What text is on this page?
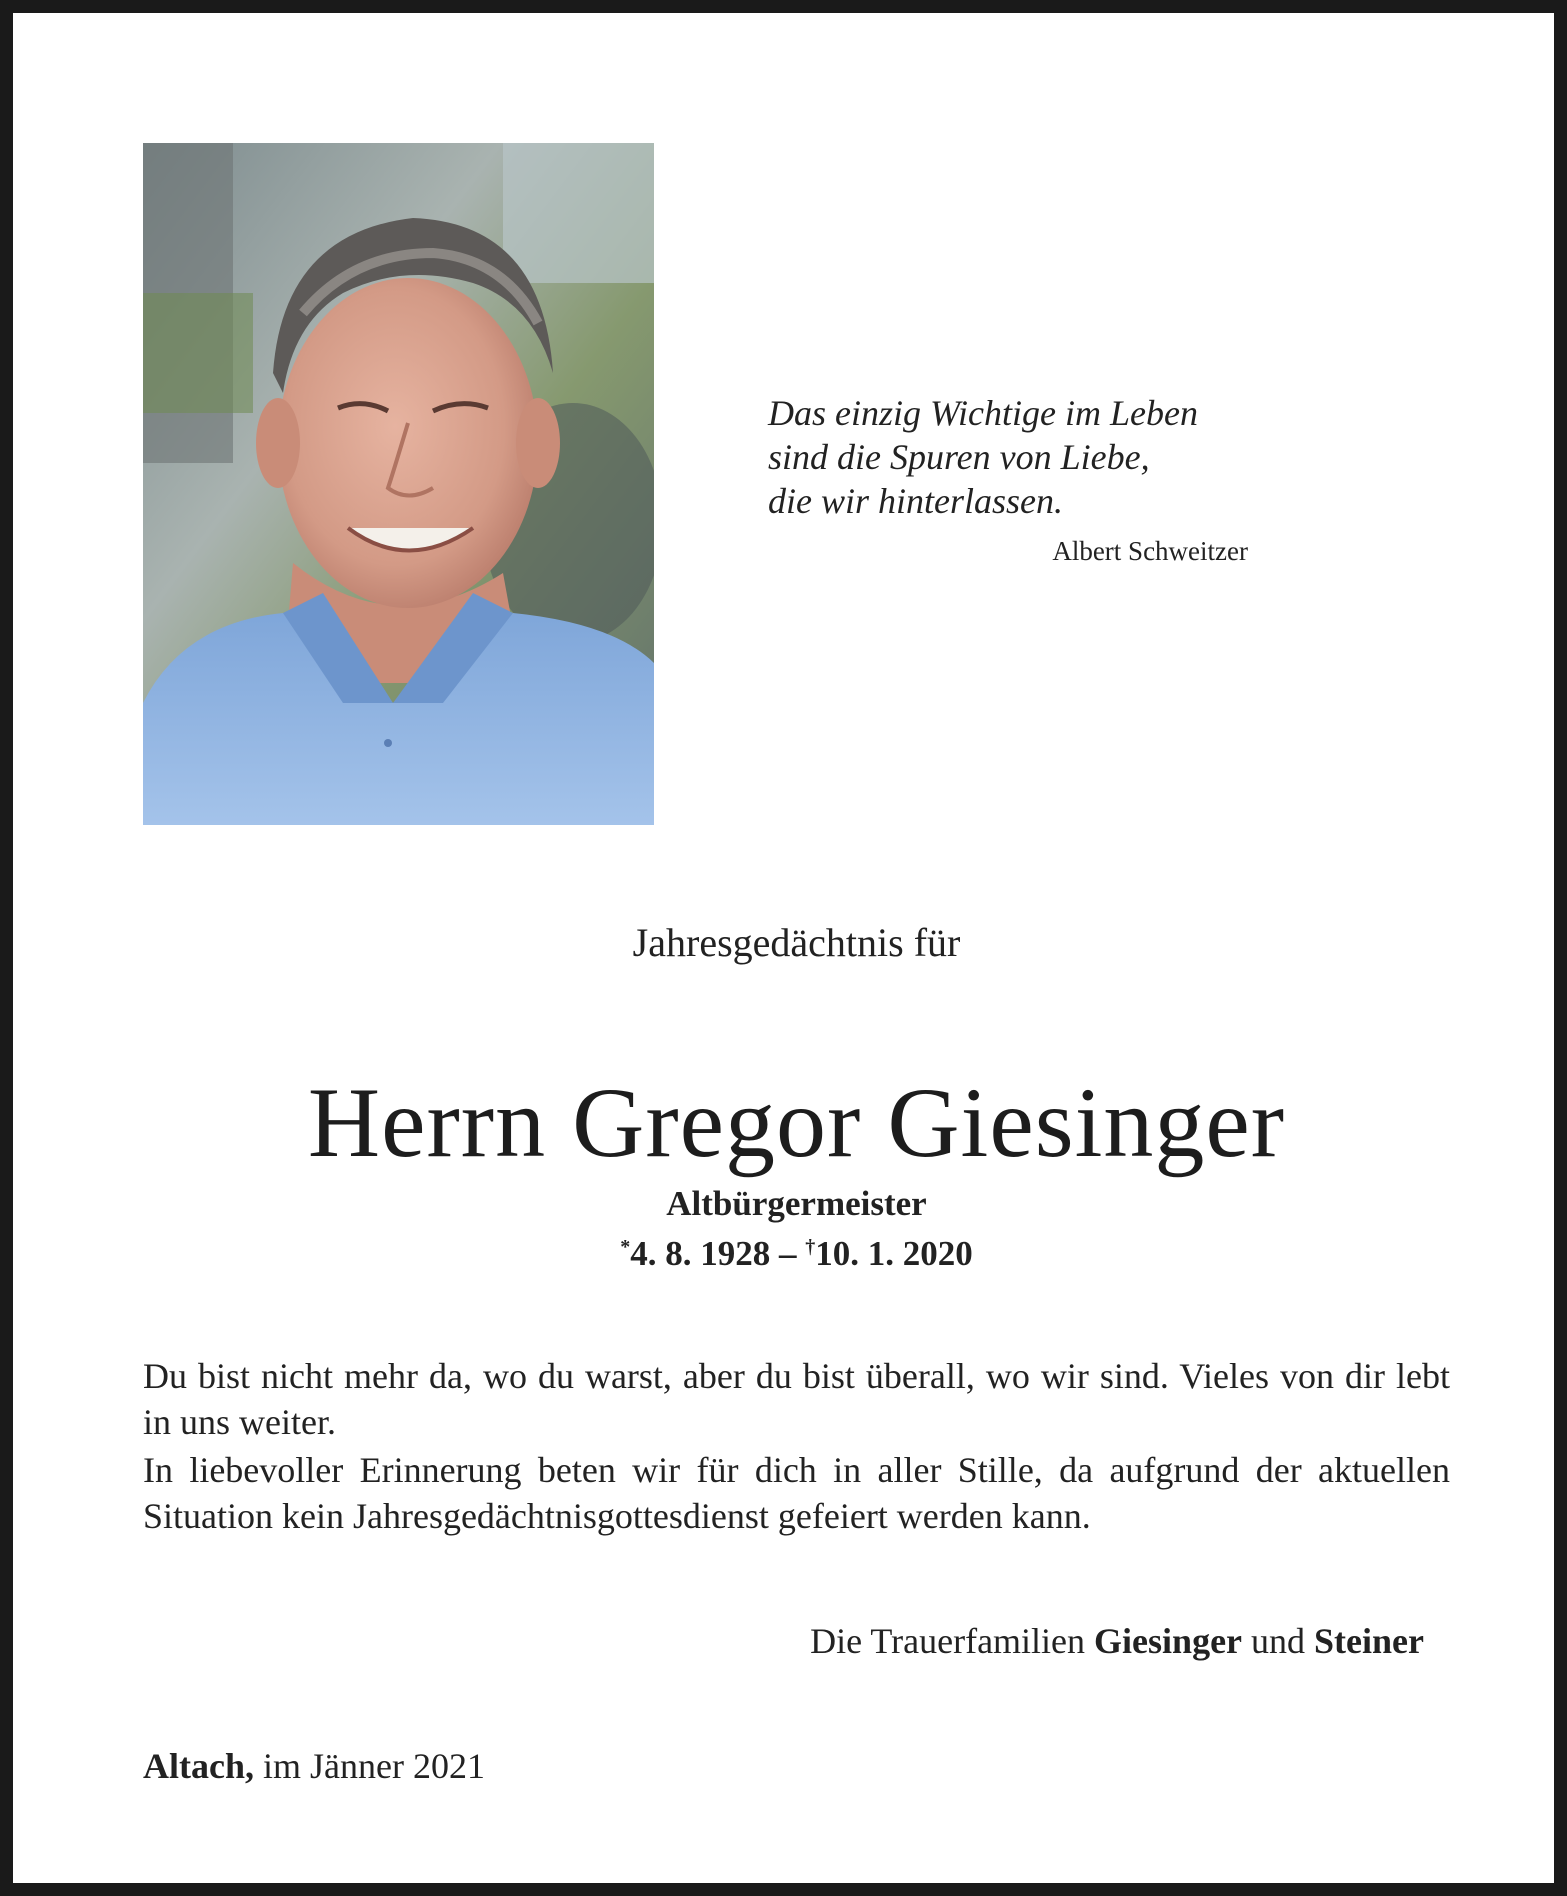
Das einzig Wichtige im Leben
sind die Spuren von Liebe,
die wir hinterlassen.
Albert Schweitzer
Jahresgedächtnis für
Herrn Gregor Giesinger
Altbürgermeister
*4. 8. 1928 – †10. 1. 2020

Du bist nicht mehr da, wo du warst, aber du bist überall, wo wir sind. Vieles von dir lebt in uns weiter.

In liebevoller Erinnerung beten wir für dich in aller Stille, da aufgrund der aktuellen Situation kein Jahresgedächtnisgottesdienst gefeiert werden kann.

Die Trauerfamilien Giesinger und Steiner
Altach, im Jänner 2021
